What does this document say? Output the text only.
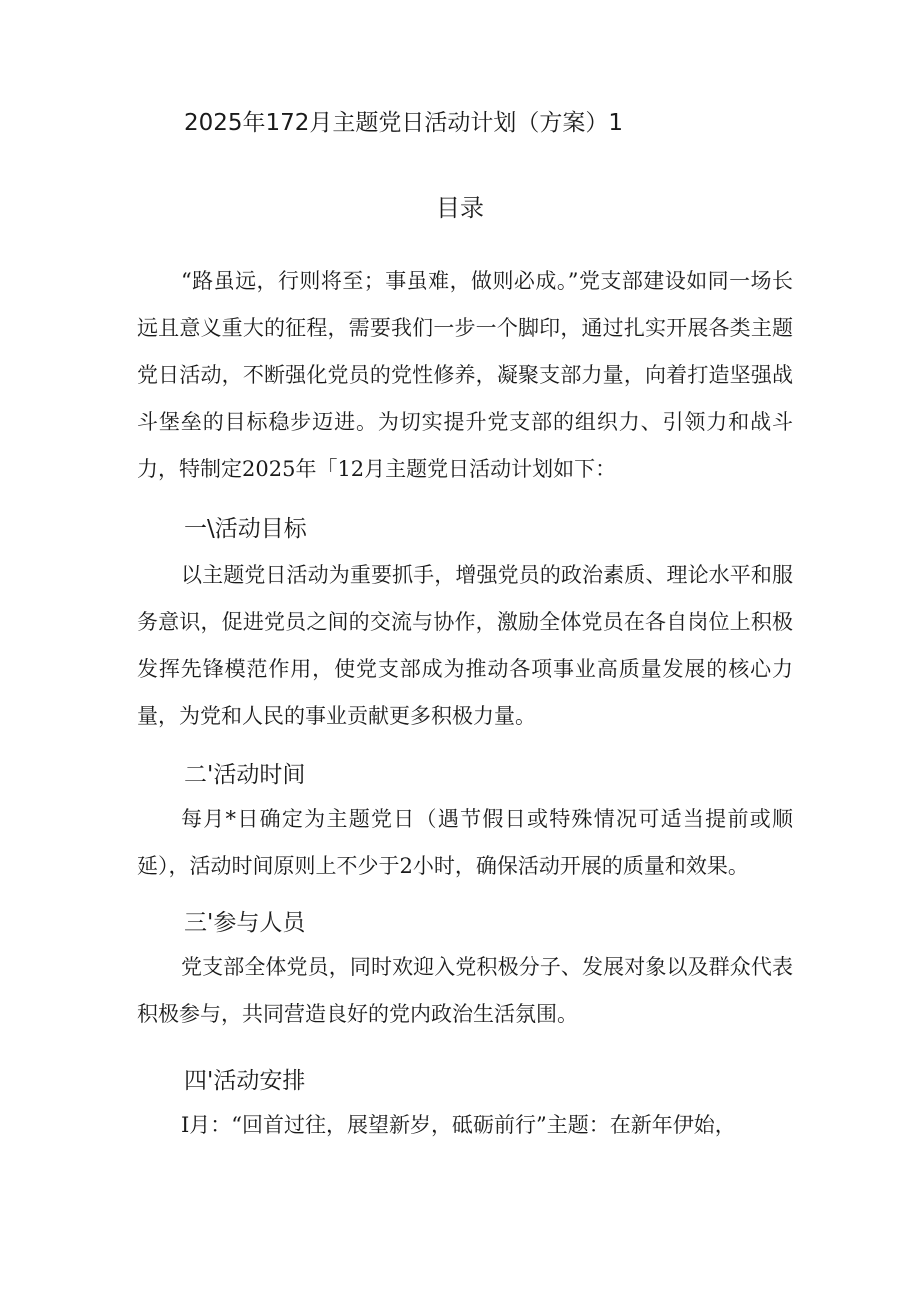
2025年172月主题党日活动计划（方案）1
目录

“路虽远，行则将至；事虽难，做则必成。”党支部建设如同一场长远且意义重大的征程，需要我们一步一个脚印，通过扎实开展各类主题党日活动，不断强化党员的党性修养，凝聚支部力量，向着打造坚强战斗堡垒的目标稳步迈进。为切实提升党支部的组织力、引领力和战斗力，特制定2025年「12月主题党日活动计划如下：

一\活动目标

以主题党日活动为重要抓手，增强党员的政治素质、理论水平和服务意识，促进党员之间的交流与协作，激励全体党员在各自岗位上积极发挥先锋模范作用，使党支部成为推动各项事业高质量发展的核心力量，为党和人民的事业贡献更多积极力量。

二'活动时间

每月*日确定为主题党日（遇节假日或特殊情况可适当提前或顺延），活动时间原则上不少于2小时，确保活动开展的质量和效果。

三'参与人员

党支部全体党员，同时欢迎入党积极分子、发展对象以及群众代表积极参与，共同营造良好的党内政治生活氛围。

四'活动安排

I月：“回首过往，展望新岁，砥砺前行”主题：在新年伊始，
